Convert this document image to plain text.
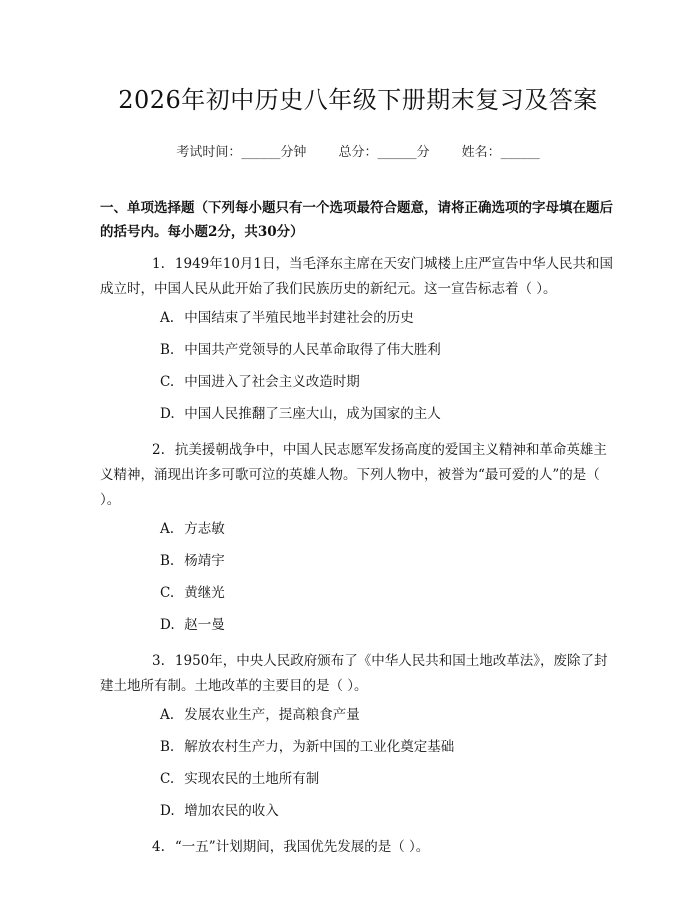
2026年初中历史八年级下册期末复习及答案
考试时间：______分钟 总分：______分 姓名：______
一、单项选择题（下列每小题只有一个选项最符合题意，请将正确选项的字母填在题后的括号内。每小题2分，共30分）

1. 1949年10月1日，当毛泽东主席在天安门城楼上庄严宣告中华人民共和国成立时，中国人民从此开始了我们民族历史的新纪元。这一宣告标志着（ ）。

A. 中国结束了半殖民地半封建社会的历史
B. 中国共产党领导的人民革命取得了伟大胜利
C. 中国进入了社会主义改造时期
D. 中国人民推翻了三座大山，成为国家的主人

2. 抗美援朝战争中，中国人民志愿军发扬高度的爱国主义精神和革命英雄主义精神，涌现出许多可歌可泣的英雄人物。下列人物中，被誉为“最可爱的人”的是（ ）。

A. 方志敏
B. 杨靖宇
C. 黄继光
D. 赵一曼

3. 1950年，中央人民政府颁布了《中华人民共和国土地改革法》，废除了封建土地所有制。土地改革的主要目的是（ ）。

A. 发展农业生产，提高粮食产量
B. 解放农村生产力，为新中国的工业化奠定基础
C. 实现农民的土地所有制
D. 增加农民的收入

4. “一五”计划期间，我国优先发展的是（ ）。
